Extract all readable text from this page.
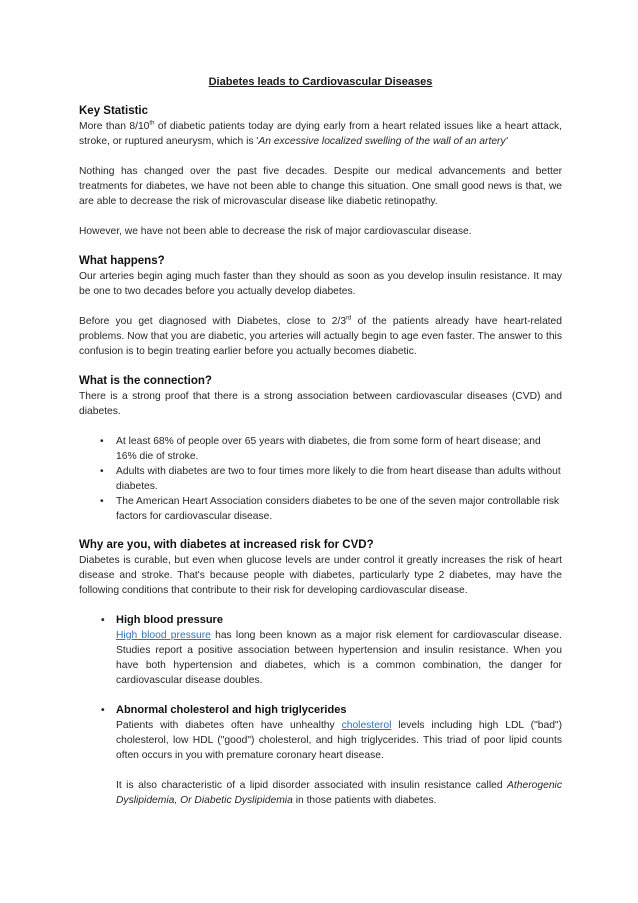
Diabetes leads to Cardiovascular Diseases
Key Statistic

More than 8/10th of diabetic patients today are dying early from a heart related issues like a heart attack, stroke, or ruptured aneurysm, which is 'An excessive localized swelling of the wall of an artery'

Nothing has changed over the past five decades. Despite our medical advancements and better treatments for diabetes, we have not been able to change this situation. One small good news is that, we are able to decrease the risk of microvascular disease like diabetic retinopathy.

However, we have not been able to decrease the risk of major cardiovascular disease.

What happens?

Our arteries begin aging much faster than they should as soon as you develop insulin resistance. It may be one to two decades before you actually develop diabetes.

Before you get diagnosed with Diabetes, close to 2/3rd of the patients already have heart-related problems. Now that you are diabetic, you arteries will actually begin to age even faster. The answer to this confusion is to begin treating earlier before you actually becomes diabetic.

What is the connection?

There is a strong proof that there is a strong association between cardiovascular diseases (CVD) and diabetes.

• At least 68% of people over 65 years with diabetes, die from some form of heart disease; and 16% die of stroke.
• Adults with diabetes are two to four times more likely to die from heart disease than adults without diabetes.
• The American Heart Association considers diabetes to be one of the seven major controllable risk factors for cardiovascular disease.
Why are you, with diabetes at increased risk for CVD?

Diabetes is curable, but even when glucose levels are under control it greatly increases the risk of heart disease and stroke. That's because people with diabetes, particularly type 2 diabetes, may have the following conditions that contribute to their risk for developing cardiovascular disease.

• High blood pressure

High blood pressure has long been known as a major risk element for cardiovascular disease. Studies report a positive association between hypertension and insulin resistance. When you have both hypertension and diabetes, which is a common combination, the danger for cardiovascular disease doubles.

• Abnormal cholesterol and high triglycerides

Patients with diabetes often have unhealthy cholesterol levels including high LDL ("bad") cholesterol, low HDL ("good") cholesterol, and high triglycerides. This triad of poor lipid counts often occurs in you with premature coronary heart disease.

It is also characteristic of a lipid disorder associated with insulin resistance called Atherogenic Dyslipidemia, Or Diabetic Dyslipidemia in those patients with diabetes.
